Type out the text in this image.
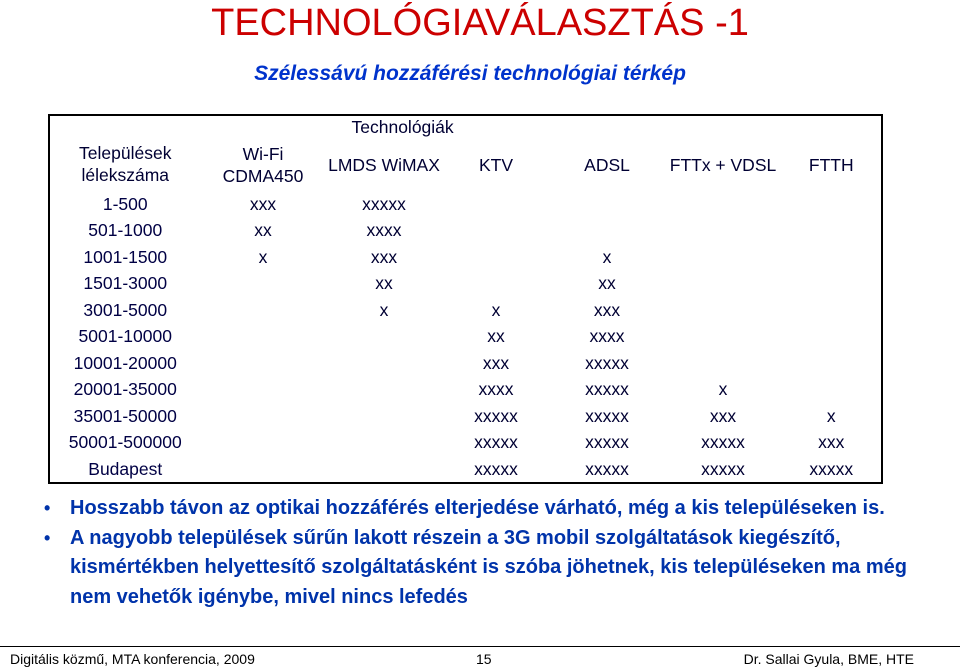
TECHNOLÓGIAVÁLASZTÁS -1
Szélessávú hozzáférési technológiai térkép
Települések lélekszáma	Technológiák					
	Wi-Fi CDMA450	LMDS WiMAX	KTV	ADSL	FTTx + VDSL	FTTH
1-500	xxx	xxxxx				
501-1000	xx	xxxx				
1001-1500	x	xxx		x		
1501-3000		xx		xx		
3001-5000		x	x	xxx		
5001-10000			xx	xxxx		
10001-20000			xxx	xxxxx		
20001-35000			xxxx	xxxxx	x	
35001-50000			xxxxx	xxxxx	xxx	x
50001-500000			xxxxx	xxxxx	xxxxx	xxx
Budapest			xxxxx	xxxxx	xxxxx	xxxxx
• Hosszabb távon az optikai hozzáférés elterjedése várható, még a kis településeken is.
• A nagyobb települések sűrűn lakott részein a 3G mobil szolgáltatások kiegészítő, kismértékben helyettesítő szolgáltatásként is szóba jöhetnek, kis településeken ma még nem vehetők igénybe, mivel nincs lefedés
Digitális közmű, MTA konferencia, 2009	15	Dr. Sallai Gyula, BME, HTE
